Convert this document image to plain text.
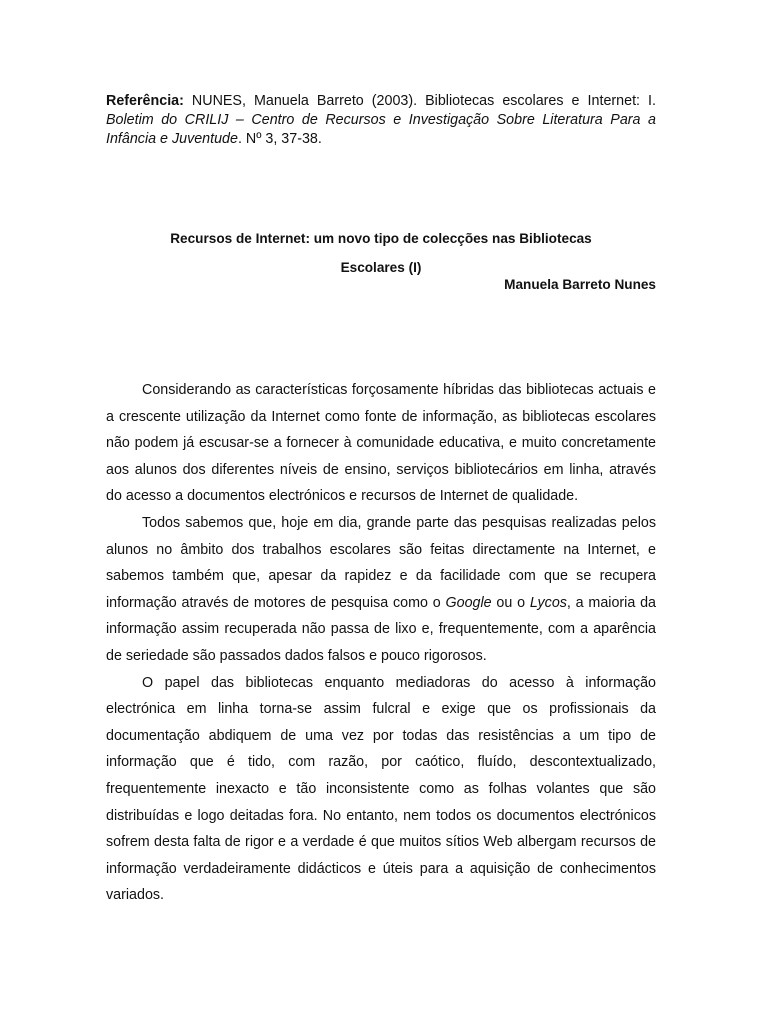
Referência: NUNES, Manuela Barreto (2003). Bibliotecas escolares e Internet: I. Boletim do CRILIJ – Centro de Recursos e Investigação Sobre Literatura Para a Infância e Juventude. Nº 3, 37-38.

Recursos de Internet: um novo tipo de colecções nas Bibliotecas
Escolares (I)

Manuela Barreto Nunes

Considerando as características forçosamente híbridas das bibliotecas actuais e a crescente utilização da Internet como fonte de informação, as bibliotecas escolares não podem já escusar-se a fornecer à comunidade educativa, e muito concretamente aos alunos dos diferentes níveis de ensino, serviços bibliotecários em linha, através do acesso a documentos electrónicos e recursos de Internet de qualidade.

Todos sabemos que, hoje em dia, grande parte das pesquisas realizadas pelos alunos no âmbito dos trabalhos escolares são feitas directamente na Internet, e sabemos também que, apesar da rapidez e da facilidade com que se recupera informação através de motores de pesquisa como o Google ou o Lycos, a maioria da informação assim recuperada não passa de lixo e, frequentemente, com a aparência de seriedade são passados dados falsos e pouco rigorosos.

O papel das bibliotecas enquanto mediadoras do acesso à informação electrónica em linha torna-se assim fulcral e exige que os profissionais da documentação abdiquem de uma vez por todas das resistências a um tipo de informação que é tido, com razão, por caótico, fluído, descontextualizado, frequentemente inexacto e tão inconsistente como as folhas volantes que são distribuídas e logo deitadas fora. No entanto, nem todos os documentos electrónicos sofrem desta falta de rigor e a verdade é que muitos sítios Web albergam recursos de informação verdadeiramente didácticos e úteis para a aquisição de conhecimentos variados.
